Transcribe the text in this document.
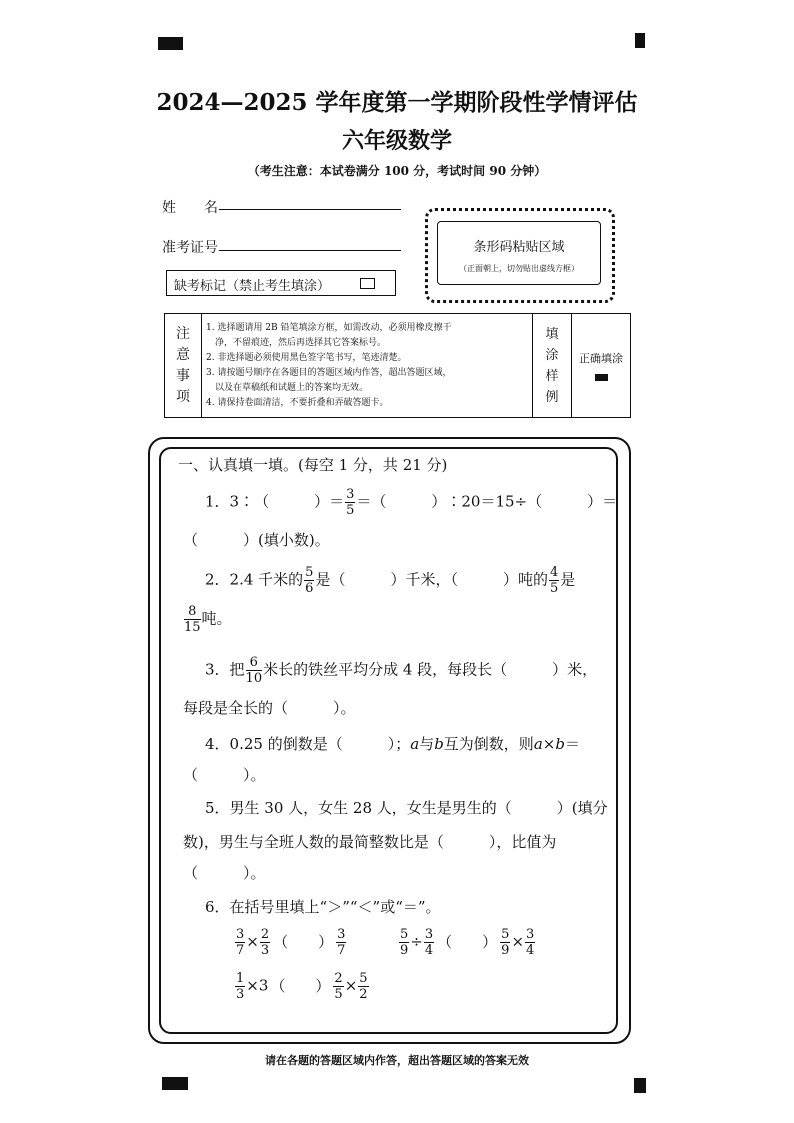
2024—2025 学年度第一学期阶段性学情评估
六年级数学
（考生注意：本试卷满分 100 分，考试时间 90 分钟）
姓　　名
准考证号
缺考标记（禁止考生填涂）
条形码粘贴区域
（正面朝上，切勿贴出虚线方框）
注
意
事
项

1. 选择题请用 2B 铅笔填涂方框，如需改动，必须用橡皮擦干
净，不留痕迹，然后再选择其它答案标号。
2. 非选择题必须使用黑色签字笔书写，笔迹清楚。
3. 请按题号顺序在各题目的答题区域内作答，超出答题区域，
以及在草稿纸和试题上的答案均无效。
4. 请保持卷面清洁，不要折叠和弄破答题卡。

填
涂
样
例

正确填涂
一、认真填一填。(每空 1 分，共 21 分)
1．3∶（　　　）＝ $\frac{3}{5}$ ＝（　　　）∶20＝15÷（　　　）＝
（　　　）(填小数)。
2．2.4 千米的 $\frac{5}{6}$ 是（　　　）千米，（　　　）吨的 $\frac{4}{5}$ 是
$\frac{8}{15}$ 吨。
3．把 $\frac{6}{10}$ 米长的铁丝平均分成 4 段，每段长（　　　）米，
每段是全长的（　　　）。
4．0.25 的倒数是（　　　）；a与b互为倒数，则a×b＝
（　　　）。
5．男生 30 人，女生 28 人，女生是男生的（　　　）(填分
数)，男生与全班人数的最简整数比是（　　　），比值为
（　　　）。
6．在括号里填上“＞”“＜”或“＝”。
$\frac{3}{7} \times \frac{2}{3}$ （　　） $\frac{3}{7}$	$\frac{5}{9} \div \frac{3}{4}$ （　　） $\frac{5}{9} \times \frac{3}{4}$
$\frac{1}{3} \times 3$ （　　） $\frac{2}{5} \times \frac{5}{2}$
请在各题的答题区域内作答，超出答题区域的答案无效
